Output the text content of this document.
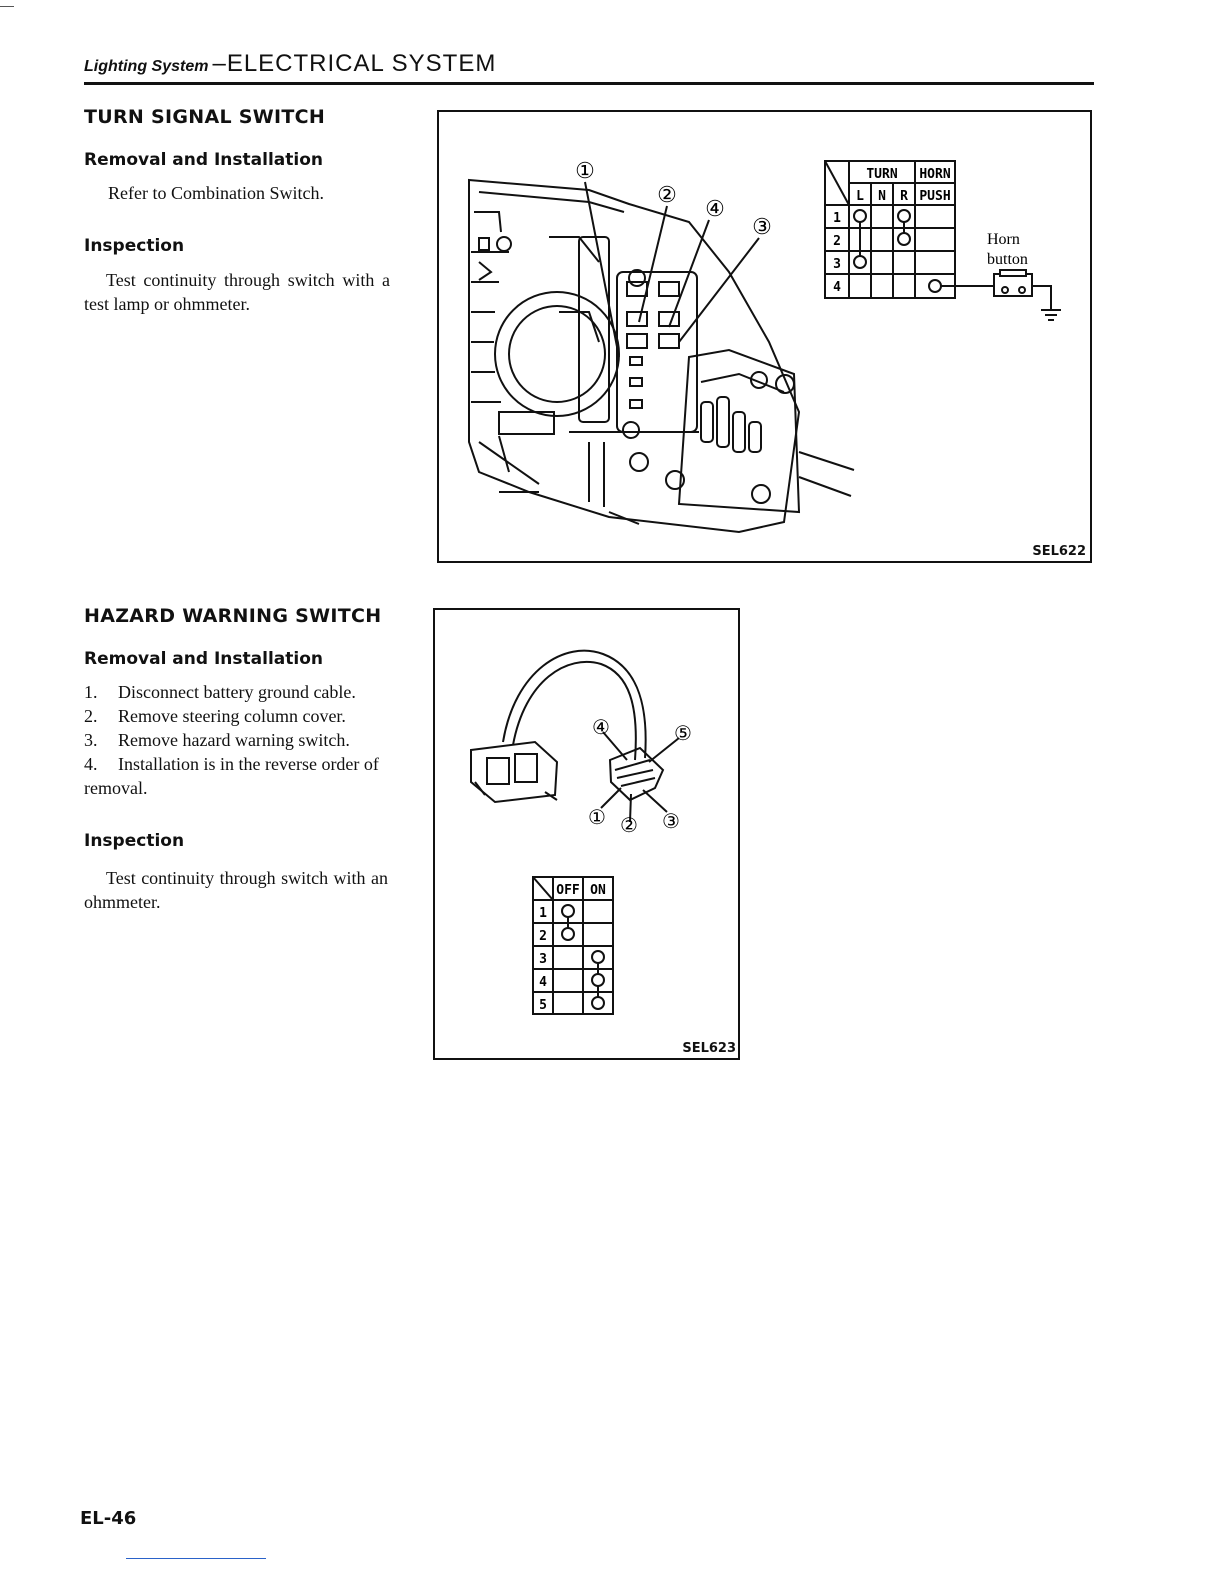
Lighting System –ELECTRICAL SYSTEM
TURN SIGNAL SWITCH
Removal and Installation
Refer to Combination Switch.
Inspection
Test continuity through switch with a test lamp or ohmmeter.
①
②
④
③
TURN HORN
L N R PUSH
1
2
3
4
Horn
button
SEL622
HAZARD WARNING SWITCH
Removal and Installation
1. Disconnect battery ground cable.
2. Remove steering column cover.
3. Remove hazard warning switch.
4. Installation is in the reverse order of removal.
Inspection
Test continuity through switch with an ohmmeter.
④	⑤
① ② ③
OFF ON
1
2
3
4
5
SEL623
EL-46
